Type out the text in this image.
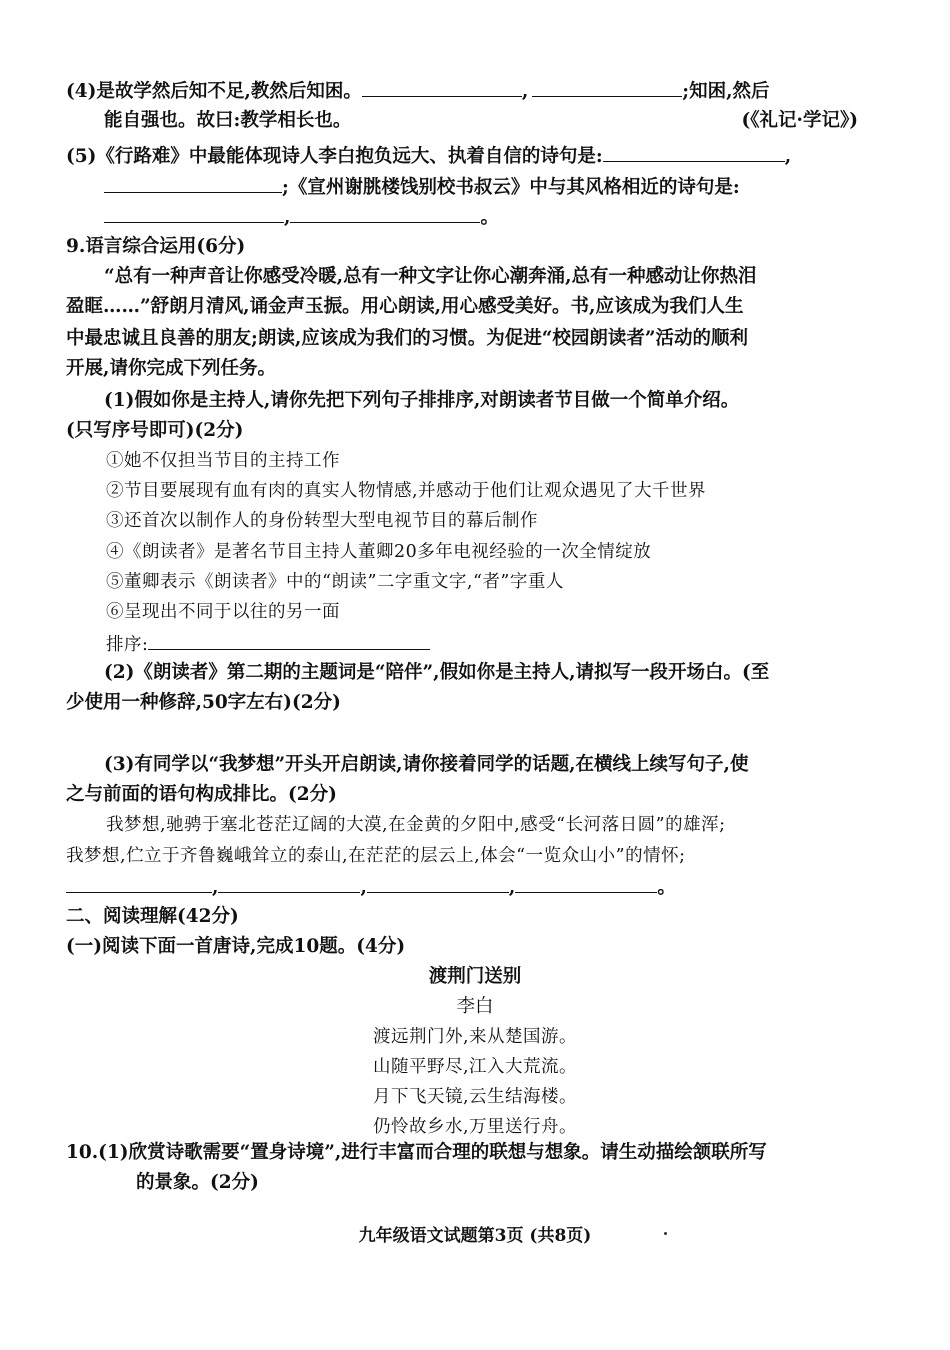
(4)是故学然后知不足,教然后知困。	,	;知困,然后
能自强也。故曰:教学相长也。	(《礼记·学记》)
(5)《行路难》中最能体现诗人李白抱负远大、执着自信的诗句是:	,
;《宣州谢朓楼饯别校书叔云》中与其风格相近的诗句是:
,	。
9.语言综合运用(6分)
“总有一种声音让你感受冷暖,总有一种文字让你心潮奔涌,总有一种感动让你热泪
盈眶……”舒朗月清风,诵金声玉振。用心朗读,用心感受美好。书,应该成为我们人生
中最忠诚且良善的朋友;朗读,应该成为我们的习惯。为促进“校园朗读者”活动的顺利
开展,请你完成下列任务。
(1)假如你是主持人,请你先把下列句子排排序,对朗读者节目做一个简单介绍。
(只写序号即可)(2分)
①她不仅担当节目的主持工作
②节目要展现有血有肉的真实人物情感,并感动于他们让观众遇见了大千世界
③还首次以制作人的身份转型大型电视节目的幕后制作
④《朗读者》是著名节目主持人董卿20多年电视经验的一次全情绽放
⑤董卿表示《朗读者》中的“朗读”二字重文字,“者”字重人
⑥呈现出不同于以往的另一面
排序:
(2)《朗读者》第二期的主题词是“陪伴”,假如你是主持人,请拟写一段开场白。(至
少使用一种修辞,50字左右)(2分)
(3)有同学以“我梦想”开头开启朗读,请你接着同学的话题,在横线上续写句子,使
之与前面的语句构成排比。(2分)
我梦想,驰骋于塞北苍茫辽阔的大漠,在金黄的夕阳中,感受“长河落日圆”的雄浑;
我梦想,伫立于齐鲁巍峨耸立的泰山,在茫茫的层云上,体会“一览众山小”的情怀;
,	,	,	。
二、阅读理解(42分)
(一)阅读下面一首唐诗,完成10题。(4分)
渡荆门送别
李白
渡远荆门外,来从楚国游。
山随平野尽,江入大荒流。
月下飞天镜,云生结海楼。
仍怜故乡水,万里送行舟。
10.(1)欣赏诗歌需要“置身诗境”,进行丰富而合理的联想与想象。请生动描绘颔联所写
的景象。(2分)
九年级语文试题第3页 (共8页)
